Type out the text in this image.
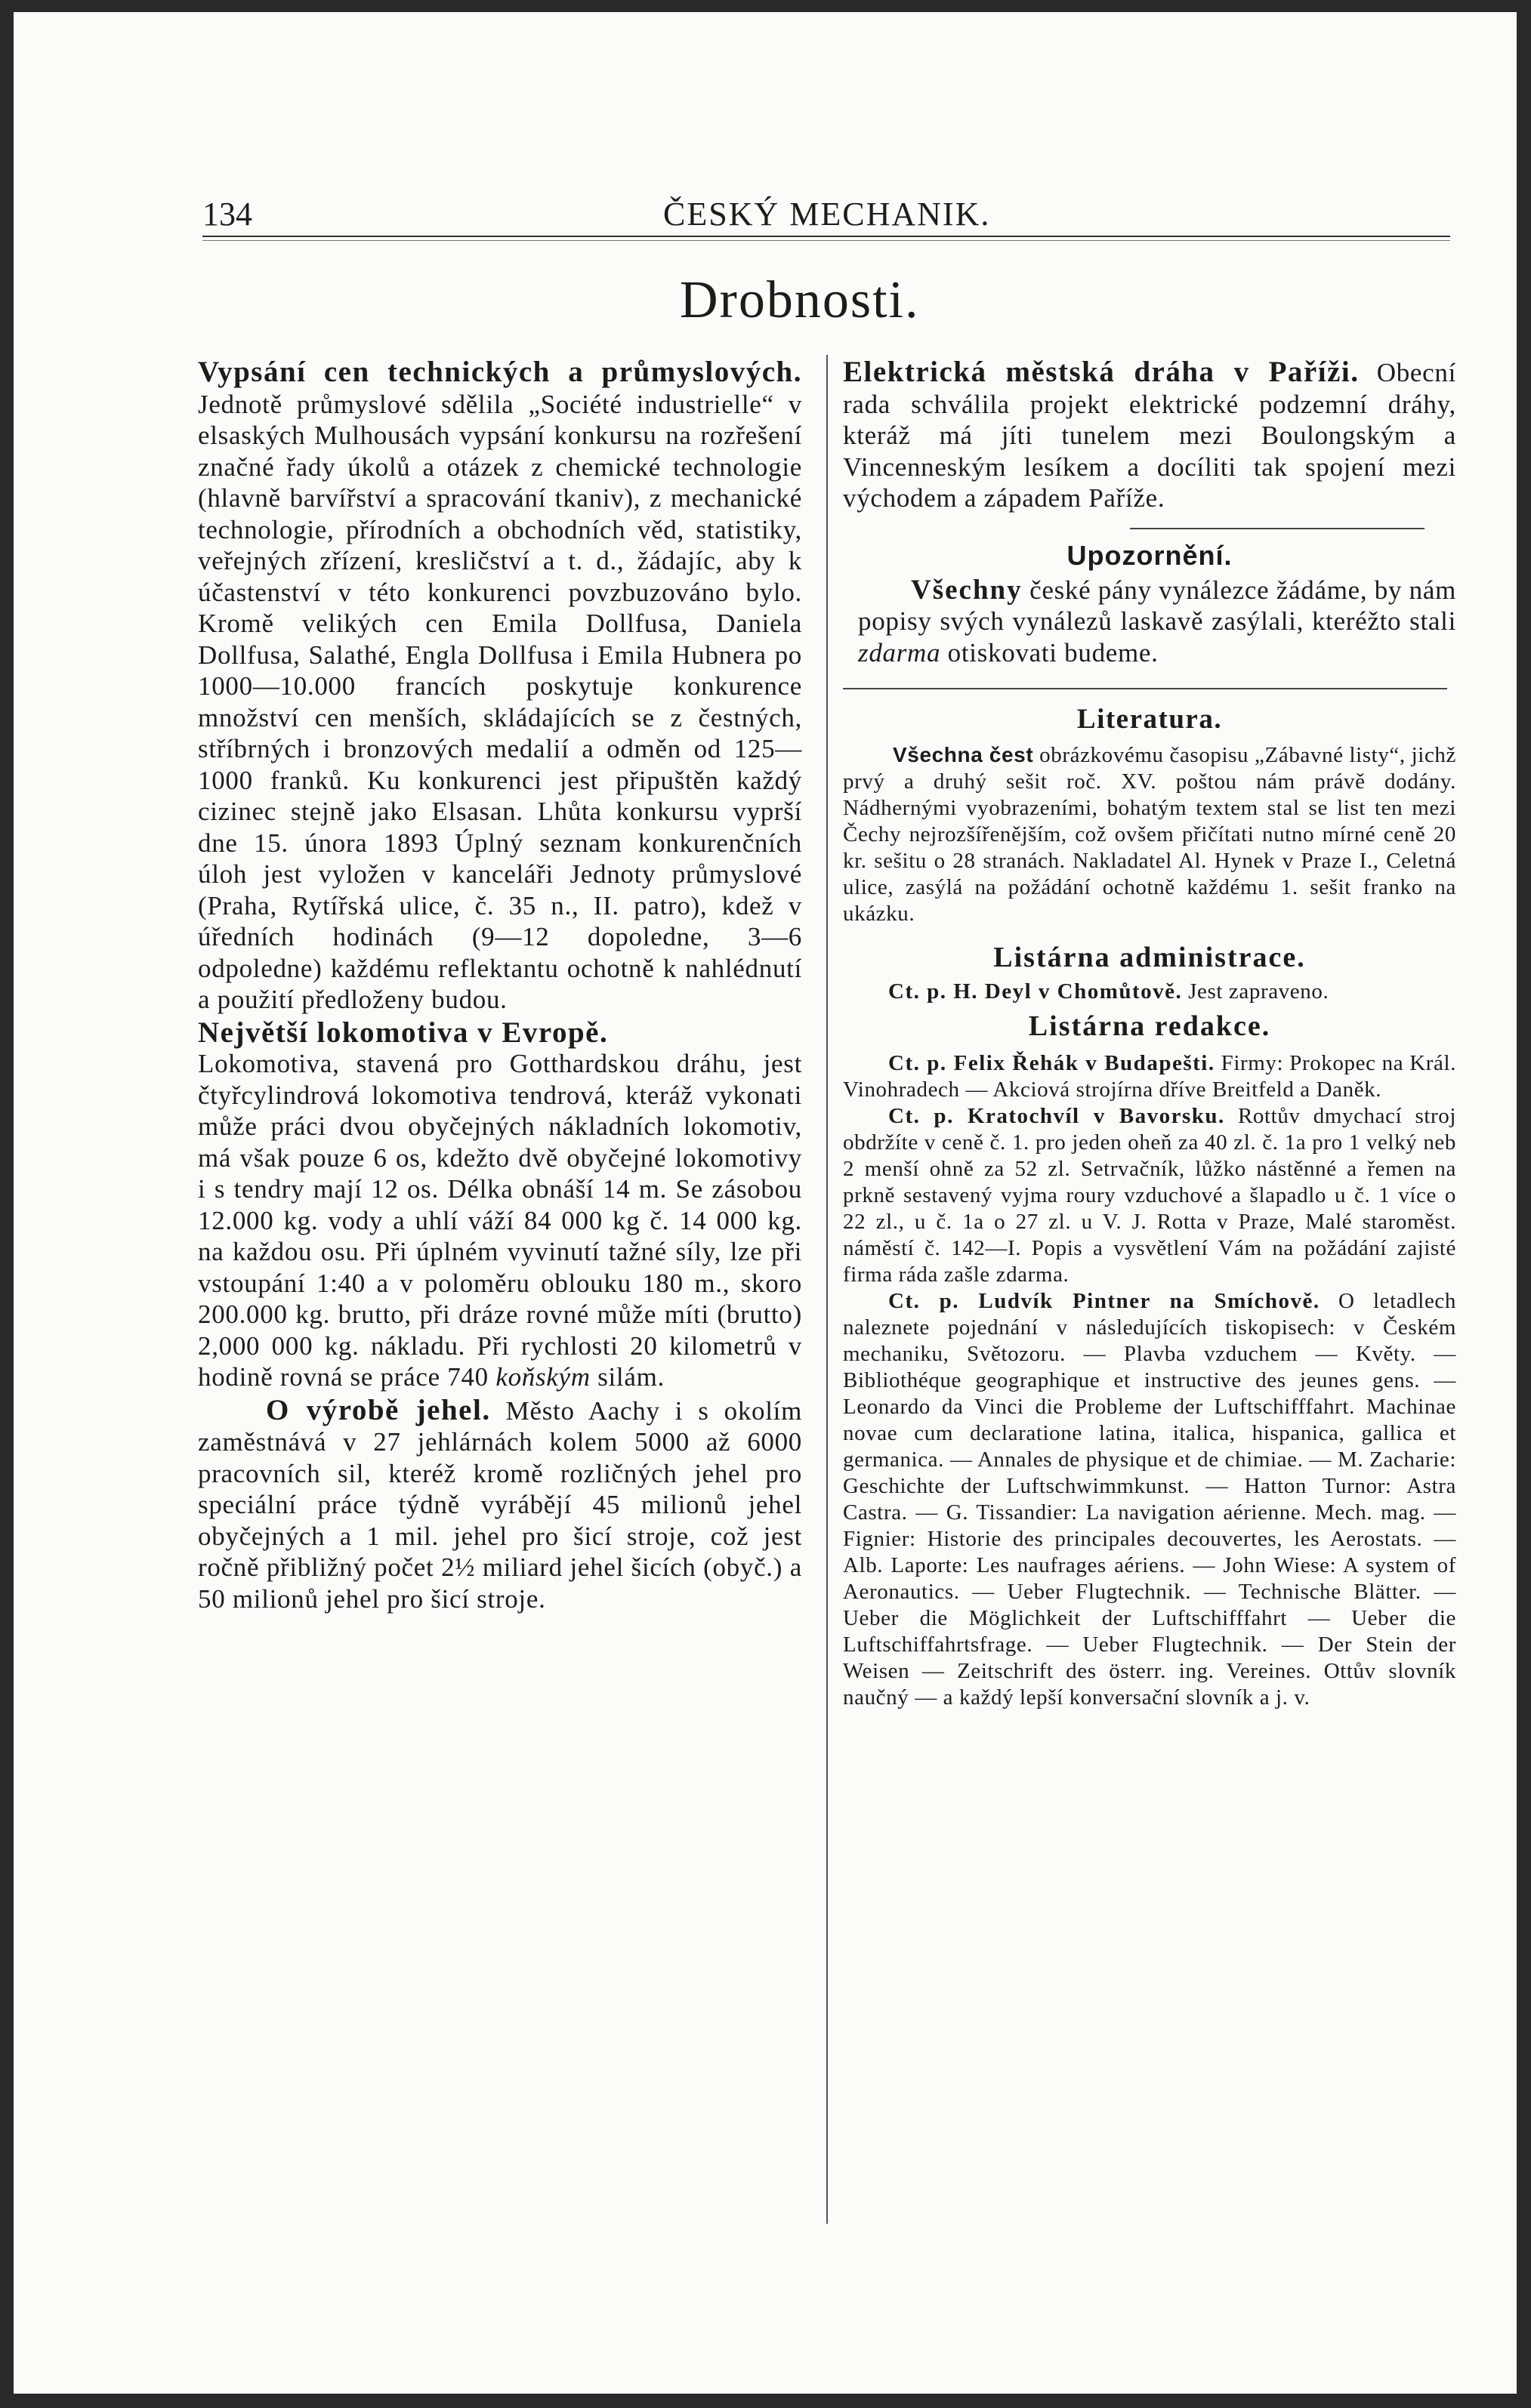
134	ČESKÝ MECHANIK.
Drobnosti.

Vypsání cen technických a průmyslových. Jednotě průmyslové sdělila „Société industrielle“ v elsaských Mulhousách vypsání konkursu na rozřešení značné řady úkolů a otázek z chemické technologie (hlavně barvířství a spracování tkaniv), z mechanické technologie, přírodních a obchodních věd, statistiky, veřejných zřízení, kresličství a t. d., žádajíc, aby k účastenství v této konkurenci povzbuzováno bylo. Kromě velikých cen Emila Dollfusa, Daniela Dollfusa, Salathé, Engla Dollfusa i Emila Hubnera po 1000—10.000 francích poskytuje konkurence množství cen menších, skládajících se z čestných, stříbrných i bronzových medalií a odměn od 125—1000 franků. Ku konkurenci jest připuštěn každý cizinec stejně jako Elsasan. Lhůta konkursu vyprší dne 15. února 1893 Úplný seznam konkurenčních úloh jest vyložen v kanceláři Jednoty průmyslové (Praha, Rytířská ulice, č. 35 n., II. patro), kdež v úředních hodinách (9—12 dopoledne, 3—6 odpoledne) každému reflektantu ochotně k nahlédnutí a použití předloženy budou.

Největší lokomotiva v Evropě.
Lokomotiva, stavená pro Gotthardskou dráhu, jest čtyřcylindrová lokomotiva tendrová, kteráž vykonati může práci dvou obyčejných nákladních lokomotiv, má však pouze 6 os, kdežto dvě obyčejné lokomotivy i s tendry mají 12 os. Délka obnáší 14 m. Se zásobou 12.000 kg. vody a uhlí váží 84 000 kg č. 14 000 kg. na každou osu. Při úplném vyvinutí tažné síly, lze při vstoupání 1:40 a v poloměru oblouku 180 m., skoro 200.000 kg. brutto, při dráze rovné může míti (brutto) 2,000 000 kg. nákladu. Při rychlosti 20 kilometrů v hodině rovná se práce 740 koňským silám.

O výrobě jehel. Město Aachy i s okolím zaměstnává v 27 jehlárnách kolem 5000 až 6000 pracovních sil, kteréž kromě rozličných jehel pro speciální práce týdně vyrábějí 45 milionů jehel obyčejných a 1 mil. jehel pro šicí stroje, což jest ročně přibližný počet 2½ miliard jehel šicích (obyč.) a 50 milionů jehel pro šicí stroje.

Elektrická městská dráha v Paříži. Obecní rada schválila projekt elektrické podzemní dráhy, kteráž má jíti tunelem mezi Boulongským a Vincenneským lesíkem a docíliti tak spojení mezi východem a západem Paříže.

Upozornění.

Všechny české pány vynálezce žádáme, by nám popisy svých vynálezů laskavě zasýlali, kteréžto stali zdarma otiskovati budeme.

Literatura.

Všechna čest obrázkovému časopisu „Zábavné listy“, jichž prvý a druhý sešit roč. XV. poštou nám právě dodány. Nádhernými vyobrazeními, bohatým textem stal se list ten mezi Čechy nejrozšířenějším, což ovšem přičítati nutno mírné ceně 20 kr. sešitu o 28 stranách. Nakladatel Al. Hynek v Praze I., Celetná ulice, zasýlá na požádání ochotně každému 1. sešit franko na ukázku.

Listárna administrace.

Ct. p. H. Deyl v Chomůtově. Jest zapraveno.

Listárna redakce.

Ct. p. Felix Řehák v Budapešti. Firmy: Prokopec na Král. Vinohradech — Akciová strojírna dříve Breitfeld a Daněk.

Ct. p. Kratochvíl v Bavorsku. Rottův dmychací stroj obdržíte v ceně č. 1. pro jeden oheň za 40 zl. č. 1a pro 1 velký neb 2 menší ohně za 52 zl. Setrvačník, lůžko nástěnné a řemen na prkně sestavený vyjma roury vzduchové a šlapadlo u č. 1 více o 22 zl., u č. 1a o 27 zl. u V. J. Rotta v Praze, Malé staroměst. náměstí č. 142—I. Popis a vysvětlení Vám na požádání zajisté firma ráda zašle zdarma.

Ct. p. Ludvík Pintner na Smíchově. O letadlech naleznete pojednání v následujících tiskopisech: v Českém mechaniku, Světozoru. — Plavba vzduchem — Květy. — Bibliothéque geographique et instructive des jeunes gens. — Leonardo da Vinci die Probleme der Luftschifffahrt. Machinae novae cum declaratione latina, italica, hispanica, gallica et germanica. — Annales de physique et de chimiae. — M. Zacharie: Geschichte der Luftschwimmkunst. — Hatton Turnor: Astra Castra. — G. Tissandier: La navigation aérienne. Mech. mag. — Fignier: Historie des principales decouvertes, les Aerostats. — Alb. Laporte: Les naufrages aériens. — John Wiese: A system of Aeronautics. — Ueber Flugtechnik. — Technische Blätter. — Ueber die Möglichkeit der Luftschifffahrt — Ueber die Luftschiffahrtsfrage. — Ueber Flugtechnik. — Der Stein der Weisen — Zeitschrift des österr. ing. Vereines. Ottův slovník naučný — a každý lepší konversační slovník a j. v.
